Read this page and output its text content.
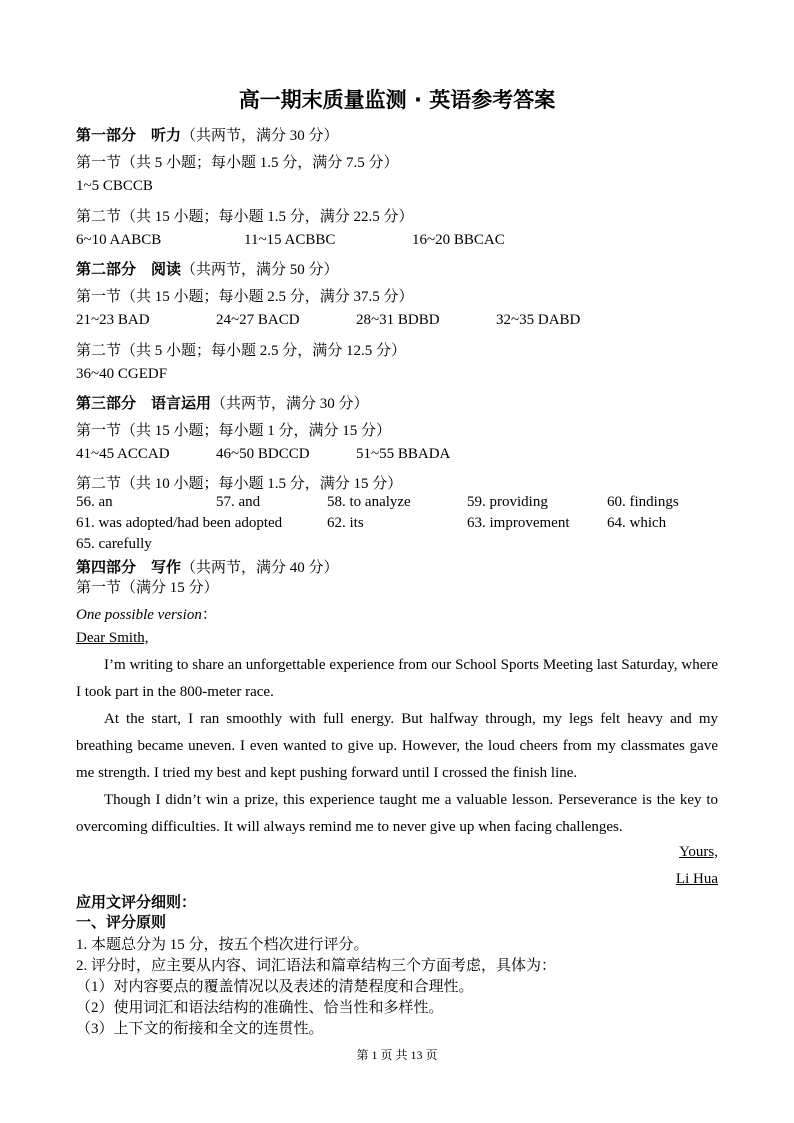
高一期末质量监测 · 英语参考答案
第一部分　听力（共两节，满分 30 分）
第一节（共 5 小题；每小题 1.5 分，满分 7.5 分）
1~5 CBCCB
第二节（共 15 小题；每小题 1.5 分，满分 22.5 分）
6~10 AABCB	11~15 ACBBC	16~20 BBCAC
第二部分　阅读（共两节，满分 50 分）
第一节（共 15 小题；每小题 2.5 分，满分 37.5 分）
21~23 BAD	24~27 BACD	28~31 BDBD	32~35 DABD
第二节（共 5 小题；每小题 2.5 分，满分 12.5 分）
36~40 CGEDF
第三部分　语言运用（共两节，满分 30 分）
第一节（共 15 小题；每小题 1 分，满分 15 分）
41~45 ACCAD	46~50 BDCCD	51~55 BBADA
第二节（共 10 小题；每小题 1.5 分，满分 15 分）
56. an	57. and	58. to analyze	59. providing	60. findings
61. was adopted/had been adopted	62. its	63. improvement	64. which
65. carefully
第四部分　写作（共两节，满分 40 分）
第一节（满分 15 分）
One possible version：
Dear Smith,
I’m writing to share an unforgettable experience from our School Sports Meeting last Saturday, where I took part in the 800-meter race.
At the start, I ran smoothly with full energy. But halfway through, my legs felt heavy and my breathing became uneven. I even wanted to give up. However, the loud cheers from my classmates gave me strength. I tried my best and kept pushing forward until I crossed the finish line.
Though I didn’t win a prize, this experience taught me a valuable lesson. Perseverance is the key to overcoming difficulties. It will always remind me to never give up when facing challenges.
Yours,
Li Hua
应用文评分细则：
一、评分原则
1. 本题总分为 15 分，按五个档次进行评分。
2. 评分时，应主要从内容、词汇语法和篇章结构三个方面考虑，具体为：
（1）对内容要点的覆盖情况以及表述的清楚程度和合理性。
（2）使用词汇和语法结构的准确性、恰当性和多样性。
（3）上下文的衔接和全文的连贯性。
第 1 页 共 13 页
